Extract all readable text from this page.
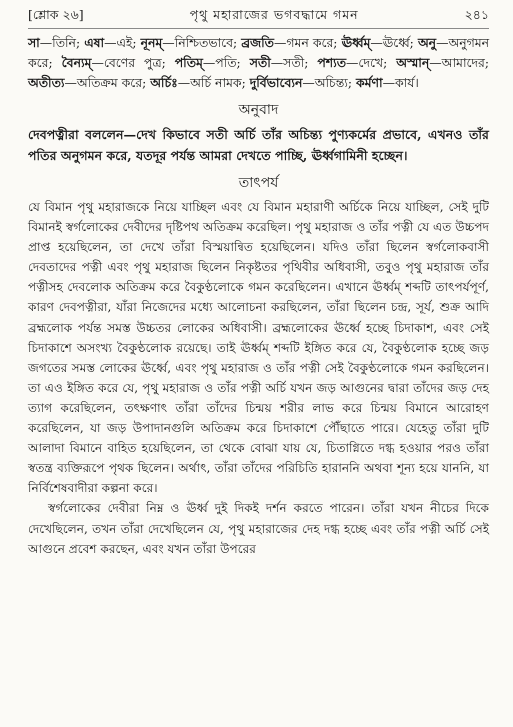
[শ্লোক ২৬]	পৃথু মহারাজের ভগবদ্ধামে গমন	২৪১

সা—তিনি; এষা—এই; নূনম্—নিশ্চিতভাবে; ব্রজতি—গমন করে; ঊর্ধ্বম্—ঊর্ধ্বে; অনু—অনুগমন করে; বৈন্যম্—বেণের পুত্র; পতিম্—পতি; সতী—সতী; পশ্যত—দেখে; অস্মান্—আমাদের; অতীত্য—অতিক্রম করে; অর্চিঃ—অর্চি নামক; দুর্বিভাব্যেন—অচিন্ত্য; কর্মণা—কার্য।

অনুবাদ

দেবপত্নীরা বললেন—দেখ কিভাবে সতী অর্চি তাঁর অচিন্ত্য পুণ্যকর্মের প্রভাবে, এখনও তাঁর পতির অনুগমন করে, যতদূর পর্যন্ত আমরা দেখতে পাচ্ছি, ঊর্ধ্বগামিনী হচ্ছেন।

তাৎপর্য

যে বিমান পৃথু মহারাজকে নিয়ে যাচ্ছিল এবং যে বিমান মহারাণী অর্চিকে নিয়ে যাচ্ছিল, সেই দুটি বিমানই স্বর্গলোকের দেবীদের দৃষ্টিপথ অতিক্রম করেছিল। পৃথু মহারাজ ও তাঁর পত্নী যে এত উচ্চপদ প্রাপ্ত হয়েছিলেন, তা দেখে তাঁরা বিস্ময়ান্বিত হয়েছিলেন। যদিও তাঁরা ছিলেন স্বর্গলোকবাসী দেবতাদের পত্নী এবং পৃথু মহারাজ ছিলেন নিকৃষ্টতর পৃথিবীর অধিবাসী, তবুও পৃথু মহারাজ তাঁর পত্নীসহ দেবলোক অতিক্রম করে বৈকুণ্ঠলোকে গমন করেছিলেন। এখানে ঊর্ধ্বম্ শব্দটি তাৎপর্যপূর্ণ, কারণ দেবপত্নীরা, যাঁরা নিজেদের মধ্যে আলোচনা করছিলেন, তাঁরা ছিলেন চন্দ্র, সূর্য, শুক্র আদি ব্রহ্মলোক পর্যন্ত সমস্ত উচ্চতর লোকের অধিবাসী। ব্রহ্মলোকের ঊর্ধ্বে হচ্ছে চিদাকাশ, এবং সেই চিদাকাশে অসংখ্য বৈকুণ্ঠলোক রয়েছে। তাই ঊর্ধ্বম্ শব্দটি ইঙ্গিত করে যে, বৈকুণ্ঠলোক হচ্ছে জড় জগতের সমস্ত লোকের ঊর্ধ্বে, এবং পৃথু মহারাজ ও তাঁর পত্নী সেই বৈকুণ্ঠলোকে গমন করছিলেন। তা এও ইঙ্গিত করে যে, পৃথু মহারাজ ও তাঁর পত্নী অর্চি যখন জড় আগুনের দ্বারা তাঁদের জড় দেহ ত্যাগ করেছিলেন, তৎক্ষণাৎ তাঁরা তাঁদের চিন্ময় শরীর লাভ করে চিন্ময় বিমানে আরোহণ করেছিলেন, যা জড় উপাদানগুলি অতিক্রম করে চিদাকাশে পৌঁছাতে পারে। যেহেতু তাঁরা দুটি আলাদা বিমানে বাহিত হয়েছিলেন, তা থেকে বোঝা যায় যে, চিতাগ্নিতে দগ্ধ হওয়ার পরও তাঁরা স্বতন্ত্র ব্যক্তিরূপে পৃথক ছিলেন। অর্থাৎ, তাঁরা তাঁদের পরিচিতি হারাননি অথবা শূন্য হয়ে যাননি, যা নির্বিশেষবাদীরা কল্পনা করে।

স্বর্গলোকের দেবীরা নিম্ন ও ঊর্ধ্ব দুই দিকই দর্শন করতে পারেন। তাঁরা যখন নীচের দিকে দেখেছিলেন, তখন তাঁরা দেখেছিলেন যে, পৃথু মহারাজের দেহ দগ্ধ হচ্ছে এবং তাঁর পত্নী অর্চি সেই আগুনে প্রবেশ করছেন, এবং যখন তাঁরা উপরের
